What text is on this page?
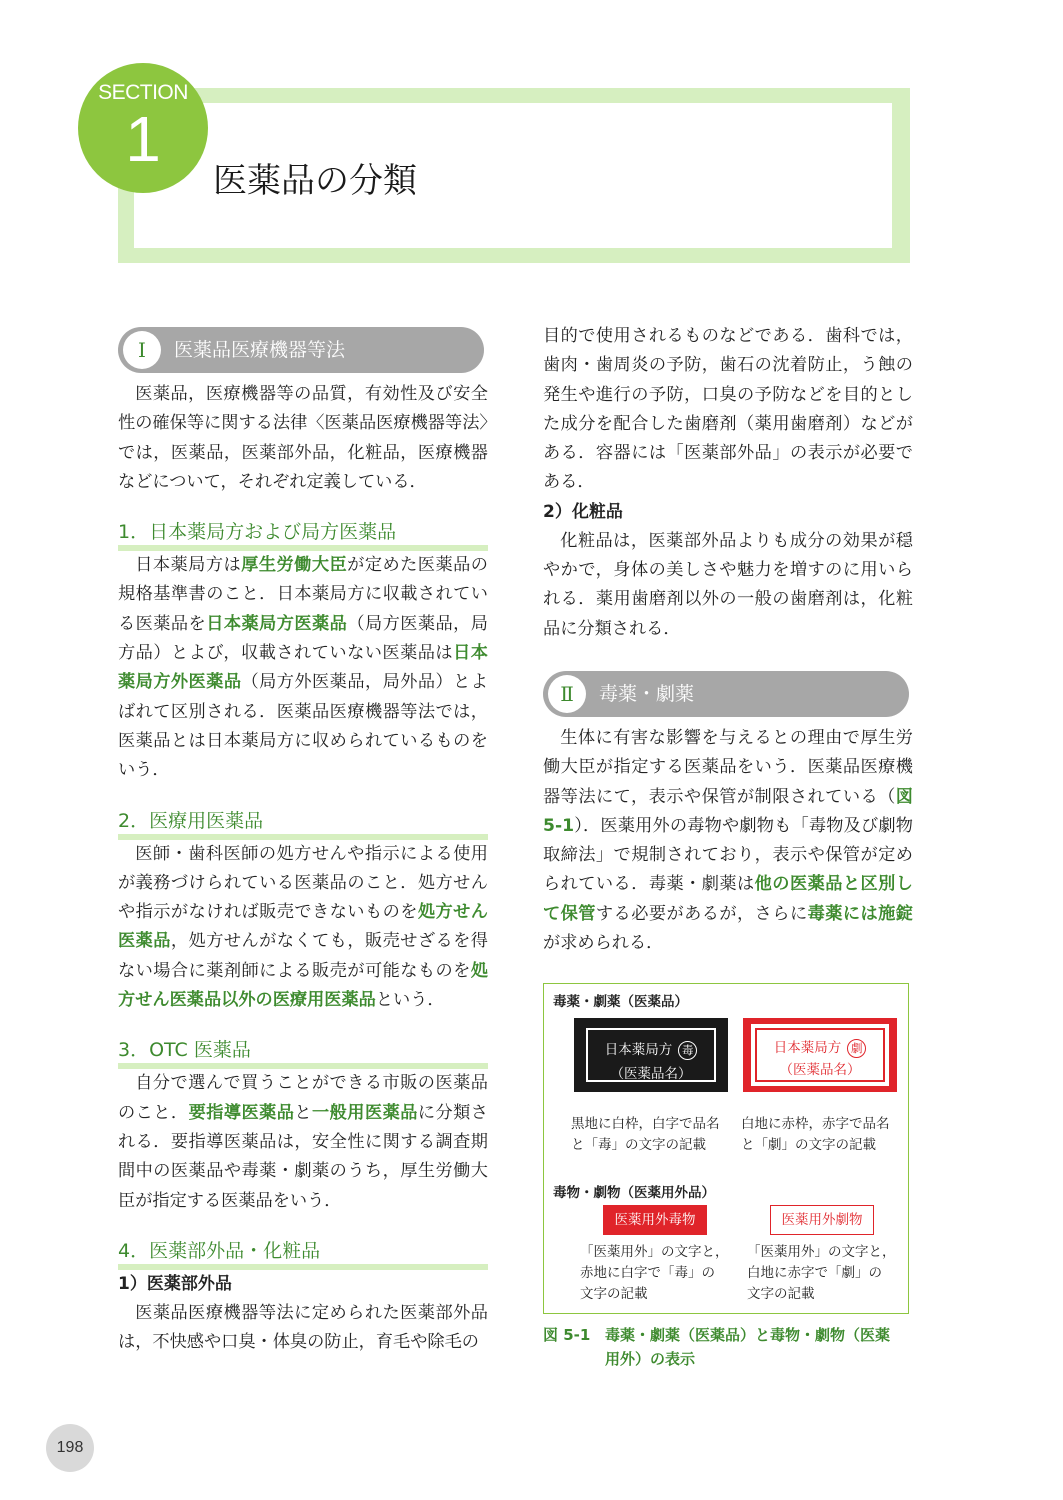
SECTION
1
医薬品の分類
Ⅰ	医薬品医療機器等法

医薬品，医療機器等の品質，有効性及び安全性の確保等に関する法律〈医薬品医療機器等法〉では，医薬品，医薬部外品，化粧品，医療機器などについて，それぞれ定義している．

1．日本薬局方および局方医薬品

日本薬局方は厚生労働大臣が定めた医薬品の規格基準書のこと．日本薬局方に収載されている医薬品を日本薬局方医薬品（局方医薬品，局方品）とよび，収載されていない医薬品は日本薬局方外医薬品（局方外医薬品，局外品）とよばれて区別される．医薬品医療機器等法では，医薬品とは日本薬局方に収められているものをいう．

2．医療用医薬品

医師・歯科医師の処方せんや指示による使用が義務づけられている医薬品のこと．処方せんや指示がなければ販売できないものを処方せん医薬品，処方せんがなくても，販売せざるを得ない場合に薬剤師による販売が可能なものを処方せん医薬品以外の医療用医薬品という．

3．OTC 医薬品

自分で選んで買うことができる市販の医薬品のこと．要指導医薬品と一般用医薬品に分類される．要指導医薬品は，安全性に関する調査期間中の医薬品や毒薬・劇薬のうち，厚生労働大臣が指定する医薬品をいう．

4．医薬部外品・化粧品
1）医薬部外品

医薬品医療機器等法に定められた医薬部外品は，不快感や口臭・体臭の防止，育毛や除毛の

目的で使用されるものなどである．歯科では，歯肉・歯周炎の予防，歯石の沈着防止，う蝕の発生や進行の予防，口臭の予防などを目的とした成分を配合した歯磨剤（薬用歯磨剤）などがある．容器には「医薬部外品」の表示が必要である．

2）化粧品

化粧品は，医薬部外品よりも成分の効果が穏やかで，身体の美しさや魅力を増すのに用いられる．薬用歯磨剤以外の一般の歯磨剤は，化粧品に分類される．

Ⅱ	毒薬・劇薬

生体に有害な影響を与えるとの理由で厚生労働大臣が指定する医薬品をいう．医薬品医療機器等法にて，表示や保管が制限されている（図5-1）．医薬用外の毒物や劇物も「毒物及び劇物取締法」で規制されており，表示や保管が定められている．毒薬・劇薬は他の医薬品と区別して保管する必要があるが，さらに毒薬には施錠が求められる．

毒薬・劇薬（医薬品）
日本薬局方 毒
（医薬品名）
日本薬局方 劇
（医薬品名）
黒地に白枠，白字で品名
と「毒」の文字の記載
白地に赤枠，赤字で品名
と「劇」の文字の記載
毒物・劇物（医薬用外品）
医薬用外毒物	医薬用外劇物
「医薬用外」の文字と，
赤地に白字で「毒」の
文字の記載
「医薬用外」の文字と，
白地に赤字で「劇」の
文字の記載
図 5-1 毒薬・劇薬（医薬品）と毒物・劇物（医薬
用外）の表示
198
